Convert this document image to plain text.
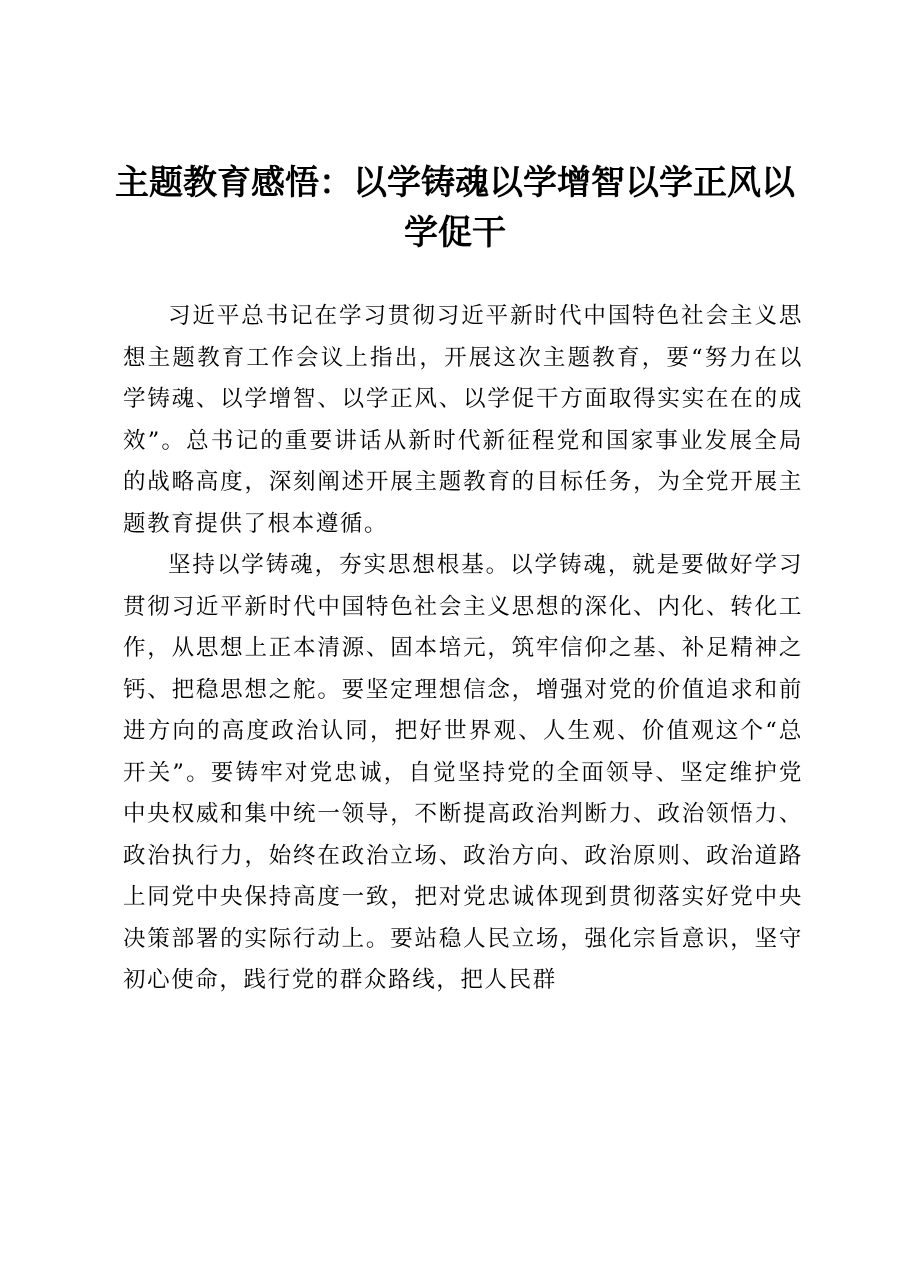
主题教育感悟：以学铸魂以学增智以学正风以学促干

习近平总书记在学习贯彻习近平新时代中国特色社会主义思想主题教育工作会议上指出，开展这次主题教育，要“努力在以学铸魂、以学增智、以学正风、以学促干方面取得实实在在的成效”。总书记的重要讲话从新时代新征程党和国家事业发展全局的战略高度，深刻阐述开展主题教育的目标任务，为全党开展主题教育提供了根本遵循。

坚持以学铸魂，夯实思想根基。以学铸魂，就是要做好学习贯彻习近平新时代中国特色社会主义思想的深化、内化、转化工作，从思想上正本清源、固本培元，筑牢信仰之基、补足精神之钙、把稳思想之舵。要坚定理想信念，增强对党的价值追求和前进方向的高度政治认同，把好世界观、人生观、价值观这个“总开关”。要铸牢对党忠诚，自觉坚持党的全面领导、坚定维护党中央权威和集中统一领导，不断提高政治判断力、政治领悟力、政治执行力，始终在政治立场、政治方向、政治原则、政治道路上同党中央保持高度一致，把对党忠诚体现到贯彻落实好党中央决策部署的实际行动上。要站稳人民立场，强化宗旨意识，坚守初心使命，践行党的群众路线，把人民群
